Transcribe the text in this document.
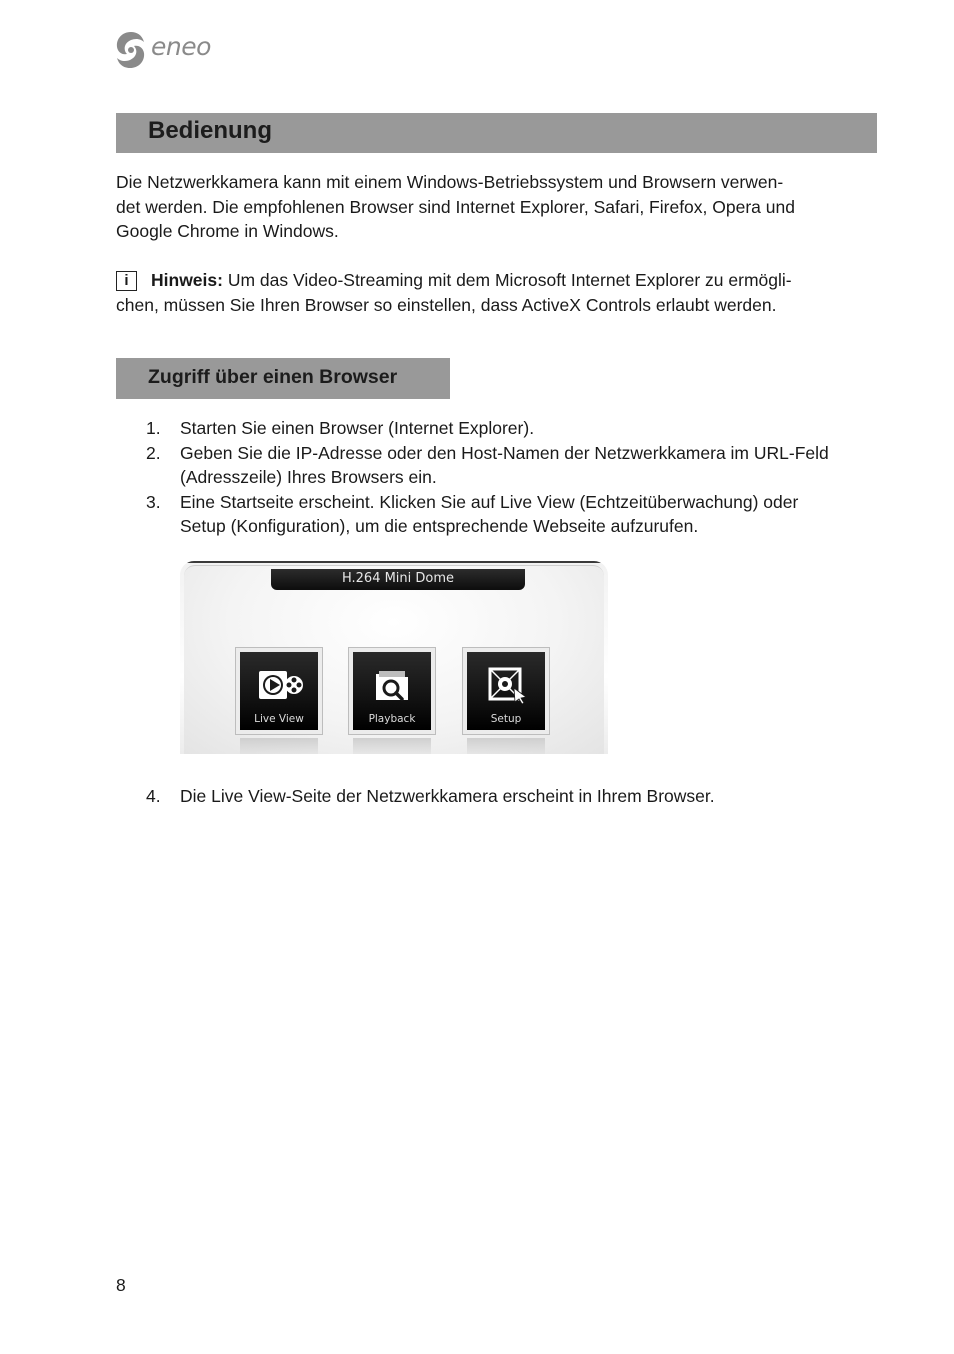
eneo
Bedienung

Die Netzwerkkamera kann mit einem Windows-Betriebssystem und Browsern verwen-
det werden. Die empfohlenen Browser sind Internet Explorer, Safari, Firefox, Opera und
Google Chrome in Windows.

i Hinweis: Um das Video-Streaming mit dem Microsoft Internet Explorer zu ermögli-
chen, müssen Sie Ihren Browser so einstellen, dass ActiveX Controls erlaubt werden.

Zugriff über einen Browser
1. Starten Sie einen Browser (Internet Explorer).
2. Geben Sie die IP-Adresse oder den Host-Namen der Netzwerkkamera im URL-Feld
(Adresszeile) Ihres Browsers ein.
3. Eine Startseite erscheint. Klicken Sie auf Live View (Echtzeitüberwachung) oder
Setup (Konfiguration), um die entsprechende Webseite aufzurufen.
H.264 Mini Dome
Live View	Playback	Setup
4. Die Live View-Seite der Netzwerkkamera erscheint in Ihrem Browser.
8
